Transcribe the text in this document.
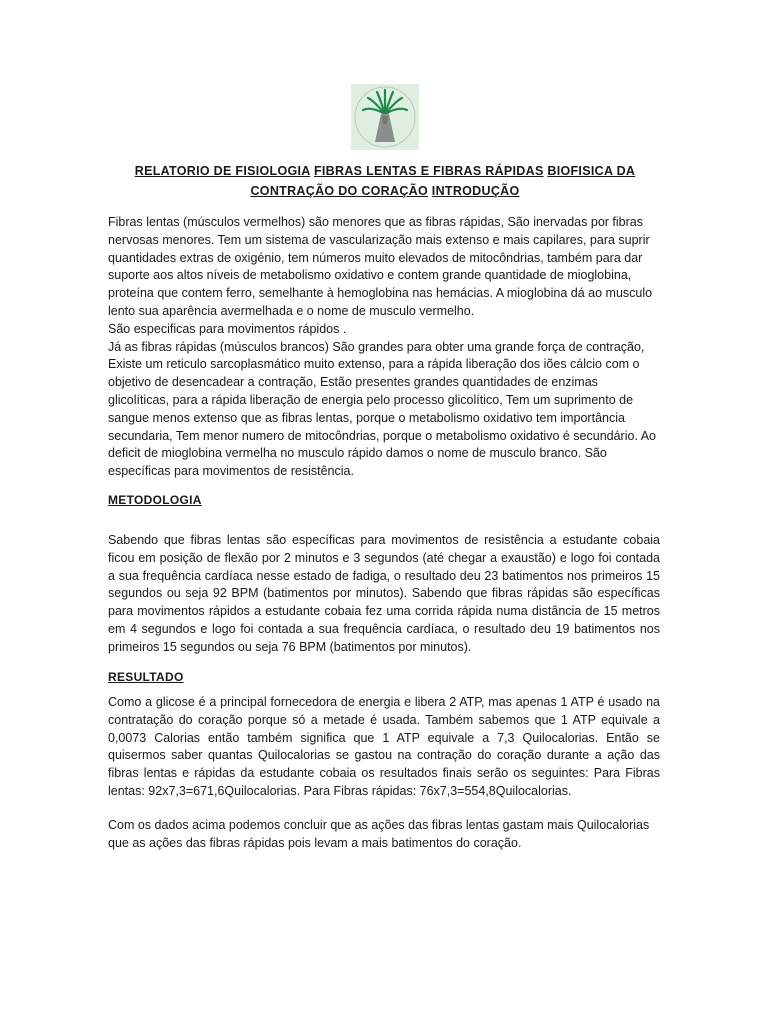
RELATORIO DE FISIOLOGIA FIBRAS LENTAS E FIBRAS RÁPIDAS BIOFISICA DA CONTRAÇÃO DO CORAÇÃO INTRODUÇÃO
Fibras lentas (músculos vermelhos) são menores que as fibras rápidas, São inervadas por fibras nervosas menores. Tem um sistema de vascularização mais extenso e mais capilares, para suprir quantidades extras de oxigénio, tem números muito elevados de mitocôndrias, também para dar suporte aos altos níveis de metabolismo oxidativo e contem grande quantidade de mioglobina, proteína que contem ferro, semelhante à hemoglobina nas hemácias. A mioglobina dá ao musculo lento sua aparência avermelhada e o nome de musculo vermelho.
São especificas para movimentos rápidos .
Já as fibras rápidas (músculos brancos) São grandes para obter uma grande força de contração, Existe um reticulo sarcoplasmático muito extenso, para a rápida liberação dos iões cálcio com o objetivo de desencadear a contração, Estão presentes grandes quantidades de enzimas glicolíticas, para a rápida liberação de energia pelo processo glicolítico, Tem um suprimento de sangue menos extenso que as fibras lentas, porque o metabolismo oxidativo tem importância secundaria, Tem menor numero de mitocôndrias, porque o metabolismo oxidativo é secundário. Ao deficit de mioglobina vermelha no musculo rápido damos o nome de musculo branco. São específicas para movimentos de resistência.
METODOLOGIA

Sabendo que fibras lentas são específicas para movimentos de resistência a estudante cobaia ficou em posição de flexão por 2 minutos e 3 segundos (até chegar a exaustão) e logo foi contada a sua frequência cardíaca nesse estado de fadiga, o resultado deu 23 batimentos nos primeiros 15 segundos ou seja 92 BPM (batimentos por minutos). Sabendo que fibras rápidas são específicas para movimentos rápidos a estudante cobaia fez uma corrida rápida numa distância de 15 metros em 4 segundos e logo foi contada a sua frequência cardíaca, o resultado deu 19 batimentos nos primeiros 15 segundos ou seja 76 BPM (batimentos por minutos).

RESULTADO

Como a glicose é a principal fornecedora de energia e libera 2 ATP, mas apenas 1 ATP é usado na contratação do coração porque só a metade é usada. Também sabemos que 1 ATP equivale a 0,0073 Calorias então também significa que 1 ATP equivale a 7,3 Quilocalorias. Então se quisermos saber quantas Quilocalorias se gastou na contração do coração durante a ação das fibras lentas e rápidas da estudante cobaia os resultados finais serão os seguintes: Para Fibras lentas: 92x7,3=671,6Quilocalorias. Para Fibras rápidas: 76x7,3=554,8Quilocalorias.

Com os dados acima podemos concluir que as ações das fibras lentas gastam mais Quilocalorias que as ações das fibras rápidas pois levam a mais batimentos do coração.
